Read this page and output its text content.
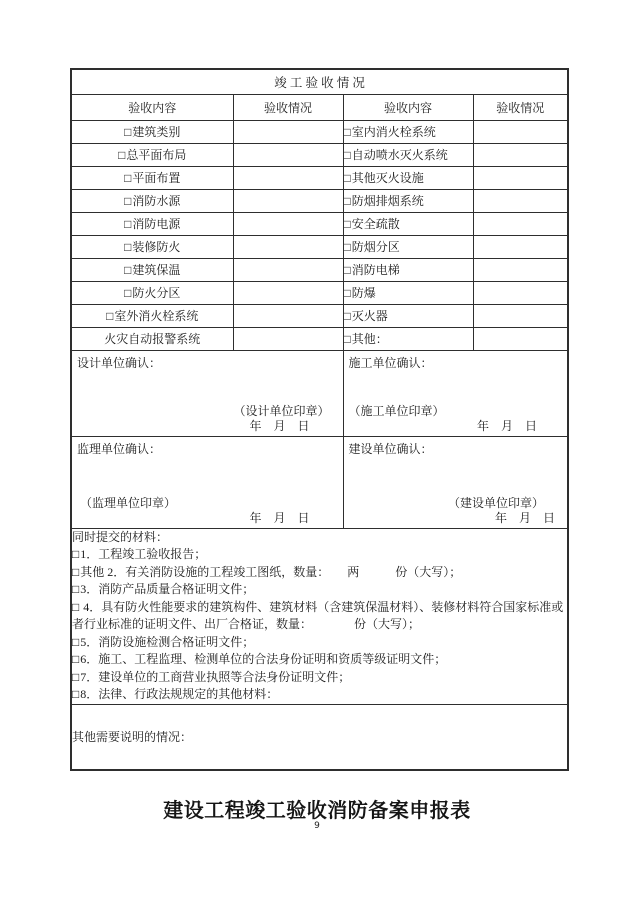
竣 工 验 收 情 况			
验收内容	验收情况	验收内容	验收情况
□建筑类别		□室内消火栓系统	
□总平面布局		□自动喷水灭火系统	
□平面布置		□其他灭火设施	
□消防水源		□防烟排烟系统	
□消防电源		□安全疏散	
□装修防火		□防烟分区	
□建筑保温		□消防电梯	
□防火分区		□防爆	
□室外消火栓系统		□灭火器	
火灾自动报警系统		□其他：	

设计单位确认：
（设计单位印章）
年　月　日

施工单位确认：
（施工单位印章）
年　月　日

监理单位确认：
（监理单位印章）
年　月　日

建设单位确认：
（建设单位印章）
年　月　日

同时提交的材料：
□1．工程竣工验收报告；
□其他 2．有关消防设施的工程竣工图纸，数量：　　两　　　份（大写）；
□3．消防产品质量合格证明文件；
□ 4．具有防火性能要求的建筑构件、建筑材料（含建筑保温材料）、装修材料符合国家标准或者行业标准的证明文件、出厂合格证，数量：　　　　份（大写）；
□5．消防设施检测合格证明文件；
□6．施工、工程监理、检测单位的合法身份证明和资质等级证明文件；
□7．建设单位的工商营业执照等合法身份证明文件；
□8．法律、行政法规规定的其他材料：

其他需要说明的情况：			
建设工程竣工验收消防备案申报表
9
